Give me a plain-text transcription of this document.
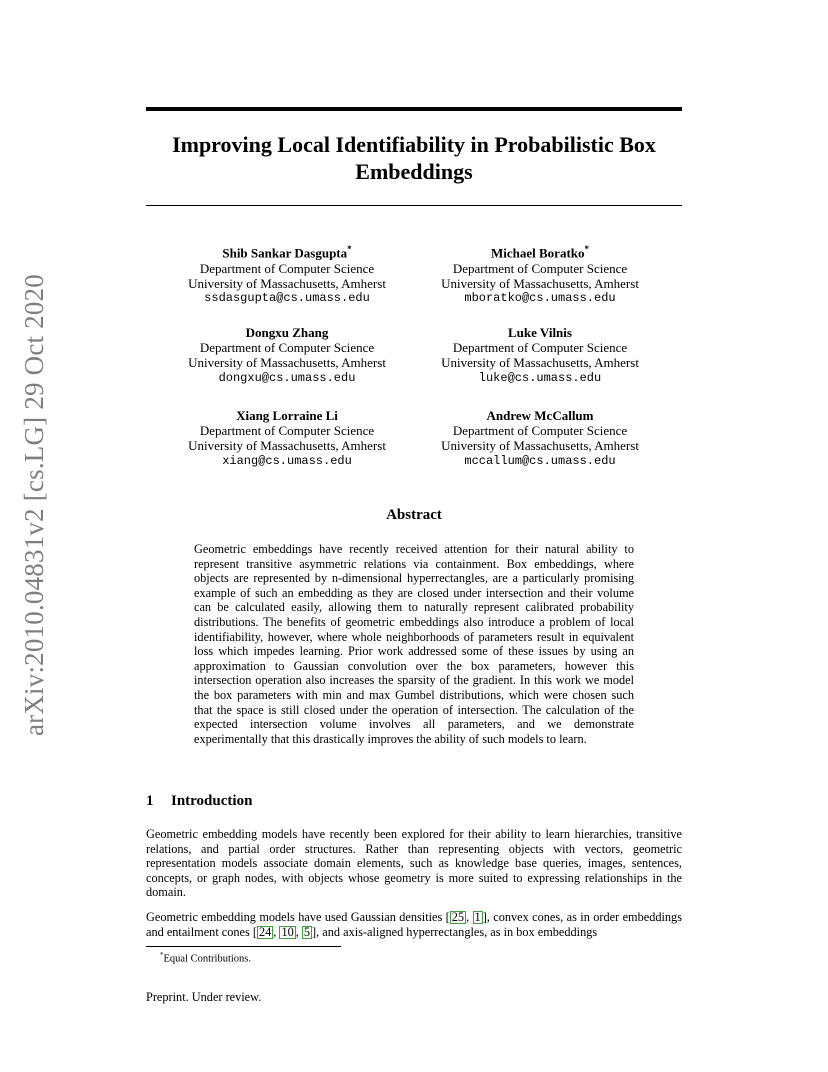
arXiv:2010.04831v2 [cs.LG] 29 Oct 2020
Improving Local Identifiability in Probabilistic Box Embeddings
Shib Sankar Dasgupta*
Department of Computer Science
University of Massachusetts, Amherst
ssdasgupta@cs.umass.edu
Michael Boratko*
Department of Computer Science
University of Massachusetts, Amherst
mboratko@cs.umass.edu
Dongxu Zhang
Department of Computer Science
University of Massachusetts, Amherst
dongxu@cs.umass.edu
Luke Vilnis
Department of Computer Science
University of Massachusetts, Amherst
luke@cs.umass.edu
Xiang Lorraine Li
Department of Computer Science
University of Massachusetts, Amherst
xiang@cs.umass.edu
Andrew McCallum
Department of Computer Science
University of Massachusetts, Amherst
mccallum@cs.umass.edu
Abstract
Geometric embeddings have recently received attention for their natural ability to represent transitive asymmetric relations via containment. Box embeddings, where objects are represented by n-dimensional hyperrectangles, are a particularly promising example of such an embedding as they are closed under intersection and their volume can be calculated easily, allowing them to naturally represent calibrated probability distributions. The benefits of geometric embeddings also introduce a problem of local identifiability, however, where whole neighborhoods of parameters result in equivalent loss which impedes learning. Prior work addressed some of these issues by using an approximation to Gaussian convolution over the box parameters, however this intersection operation also increases the sparsity of the gradient. In this work we model the box parameters with min and max Gumbel distributions, which were chosen such that the space is still closed under the operation of intersection. The calculation of the expected intersection volume involves all parameters, and we demonstrate experimentally that this drastically improves the ability of such models to learn.
1 Introduction
Geometric embedding models have recently been explored for their ability to learn hierarchies, transitive relations, and partial order structures. Rather than representing objects with vectors, geometric representation models associate domain elements, such as knowledge base queries, images, sentences, concepts, or graph nodes, with objects whose geometry is more suited to expressing relationships in the domain.
Geometric embedding models have used Gaussian densities [ 25 , 1 ], convex cones, as in order embeddings and entailment cones [ 24 , 10 , 5 ], and axis-aligned hyperrectangles, as in box embeddings
*Equal Contributions.
Preprint. Under review.
